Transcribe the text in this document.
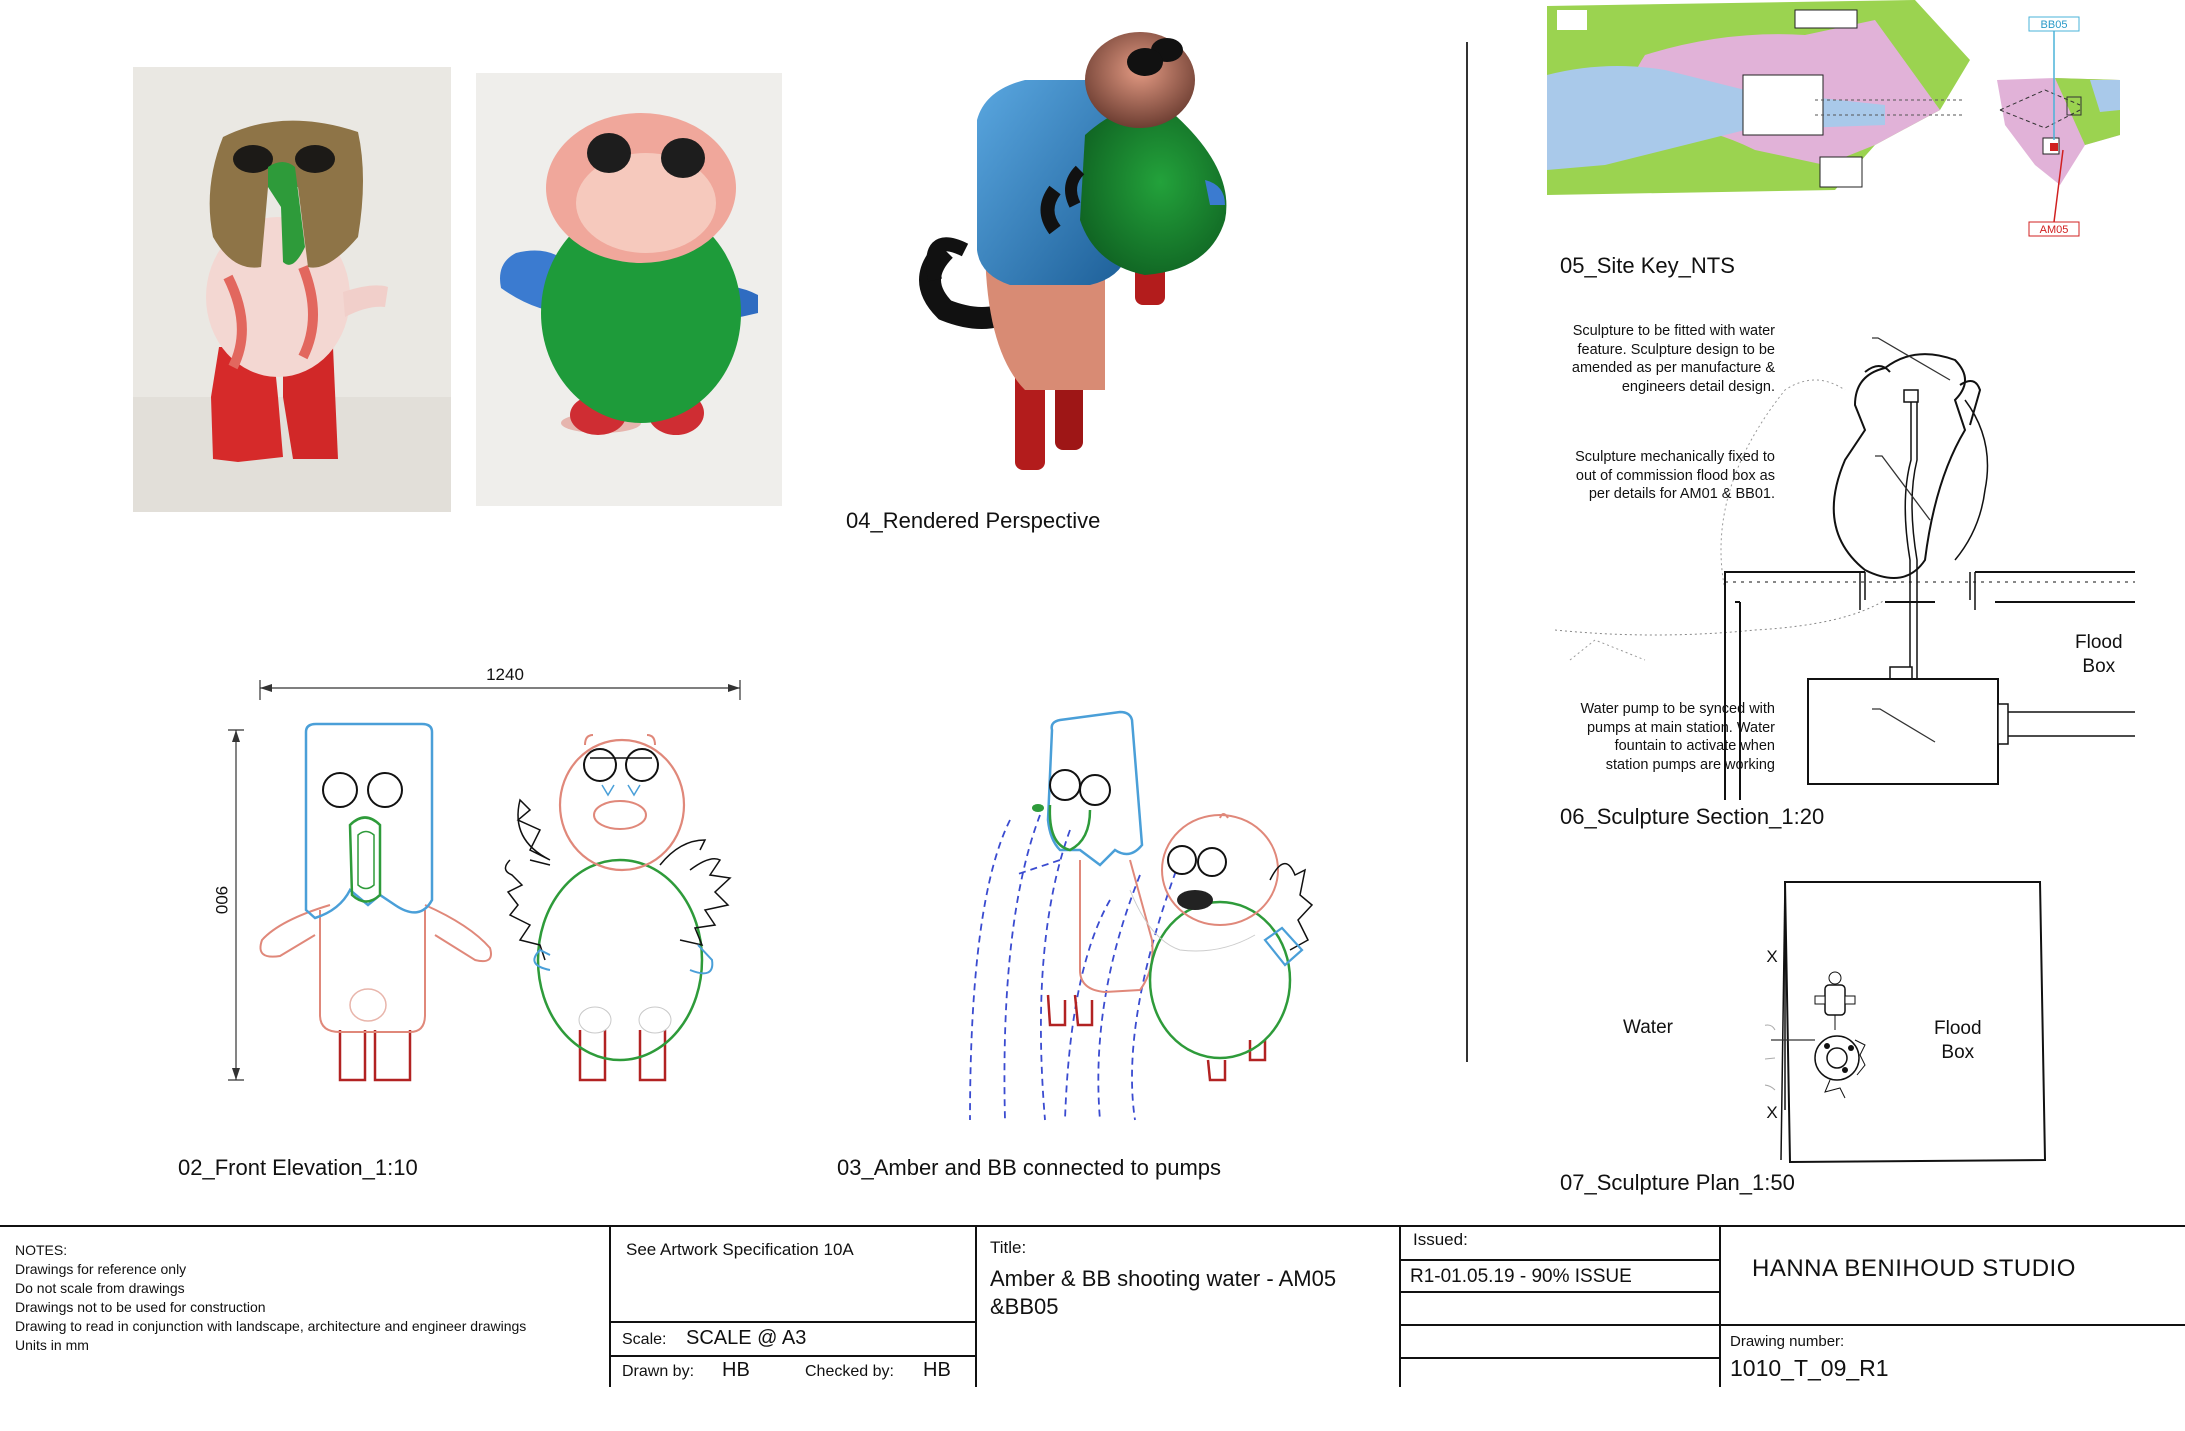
BB05
AM05
Sculpture to be fitted with water
feature. Sculpture design to be
amended as per manufacture &
engineers detail design.
Sculpture mechanically fixed to
out of commission flood box as
per details for AM01 & BB01.
Water pump to be synced with
pumps at main station. Water
fountain to activate when
station pumps are working
Flood
Box
1240
900
X
X
Water	Flood
Box
04_Rendered Perspective
05_Site Key_NTS
06_Sculpture Section_1:20
02_Front Elevation_1:10	03_Amber and BB connected to pumps
07_Sculpture Plan_1:50
NOTES:
Drawings for reference only
Do not scale from drawings
Drawings not to be used for construction
Drawing to read in conjunction with landscape, architecture and engineer drawings
Units in mm
See Artwork Specification 10A
Scale: SCALE @ A3
Drawn by: HB	Checked by: HB
Title:
Amber & BB shooting water - AM05
&BB05
Issued:
R1-01.05.19 - 90% ISSUE	HANNA BENIHOUD STUDIO
Drawing number:
1010_T_09_R1
